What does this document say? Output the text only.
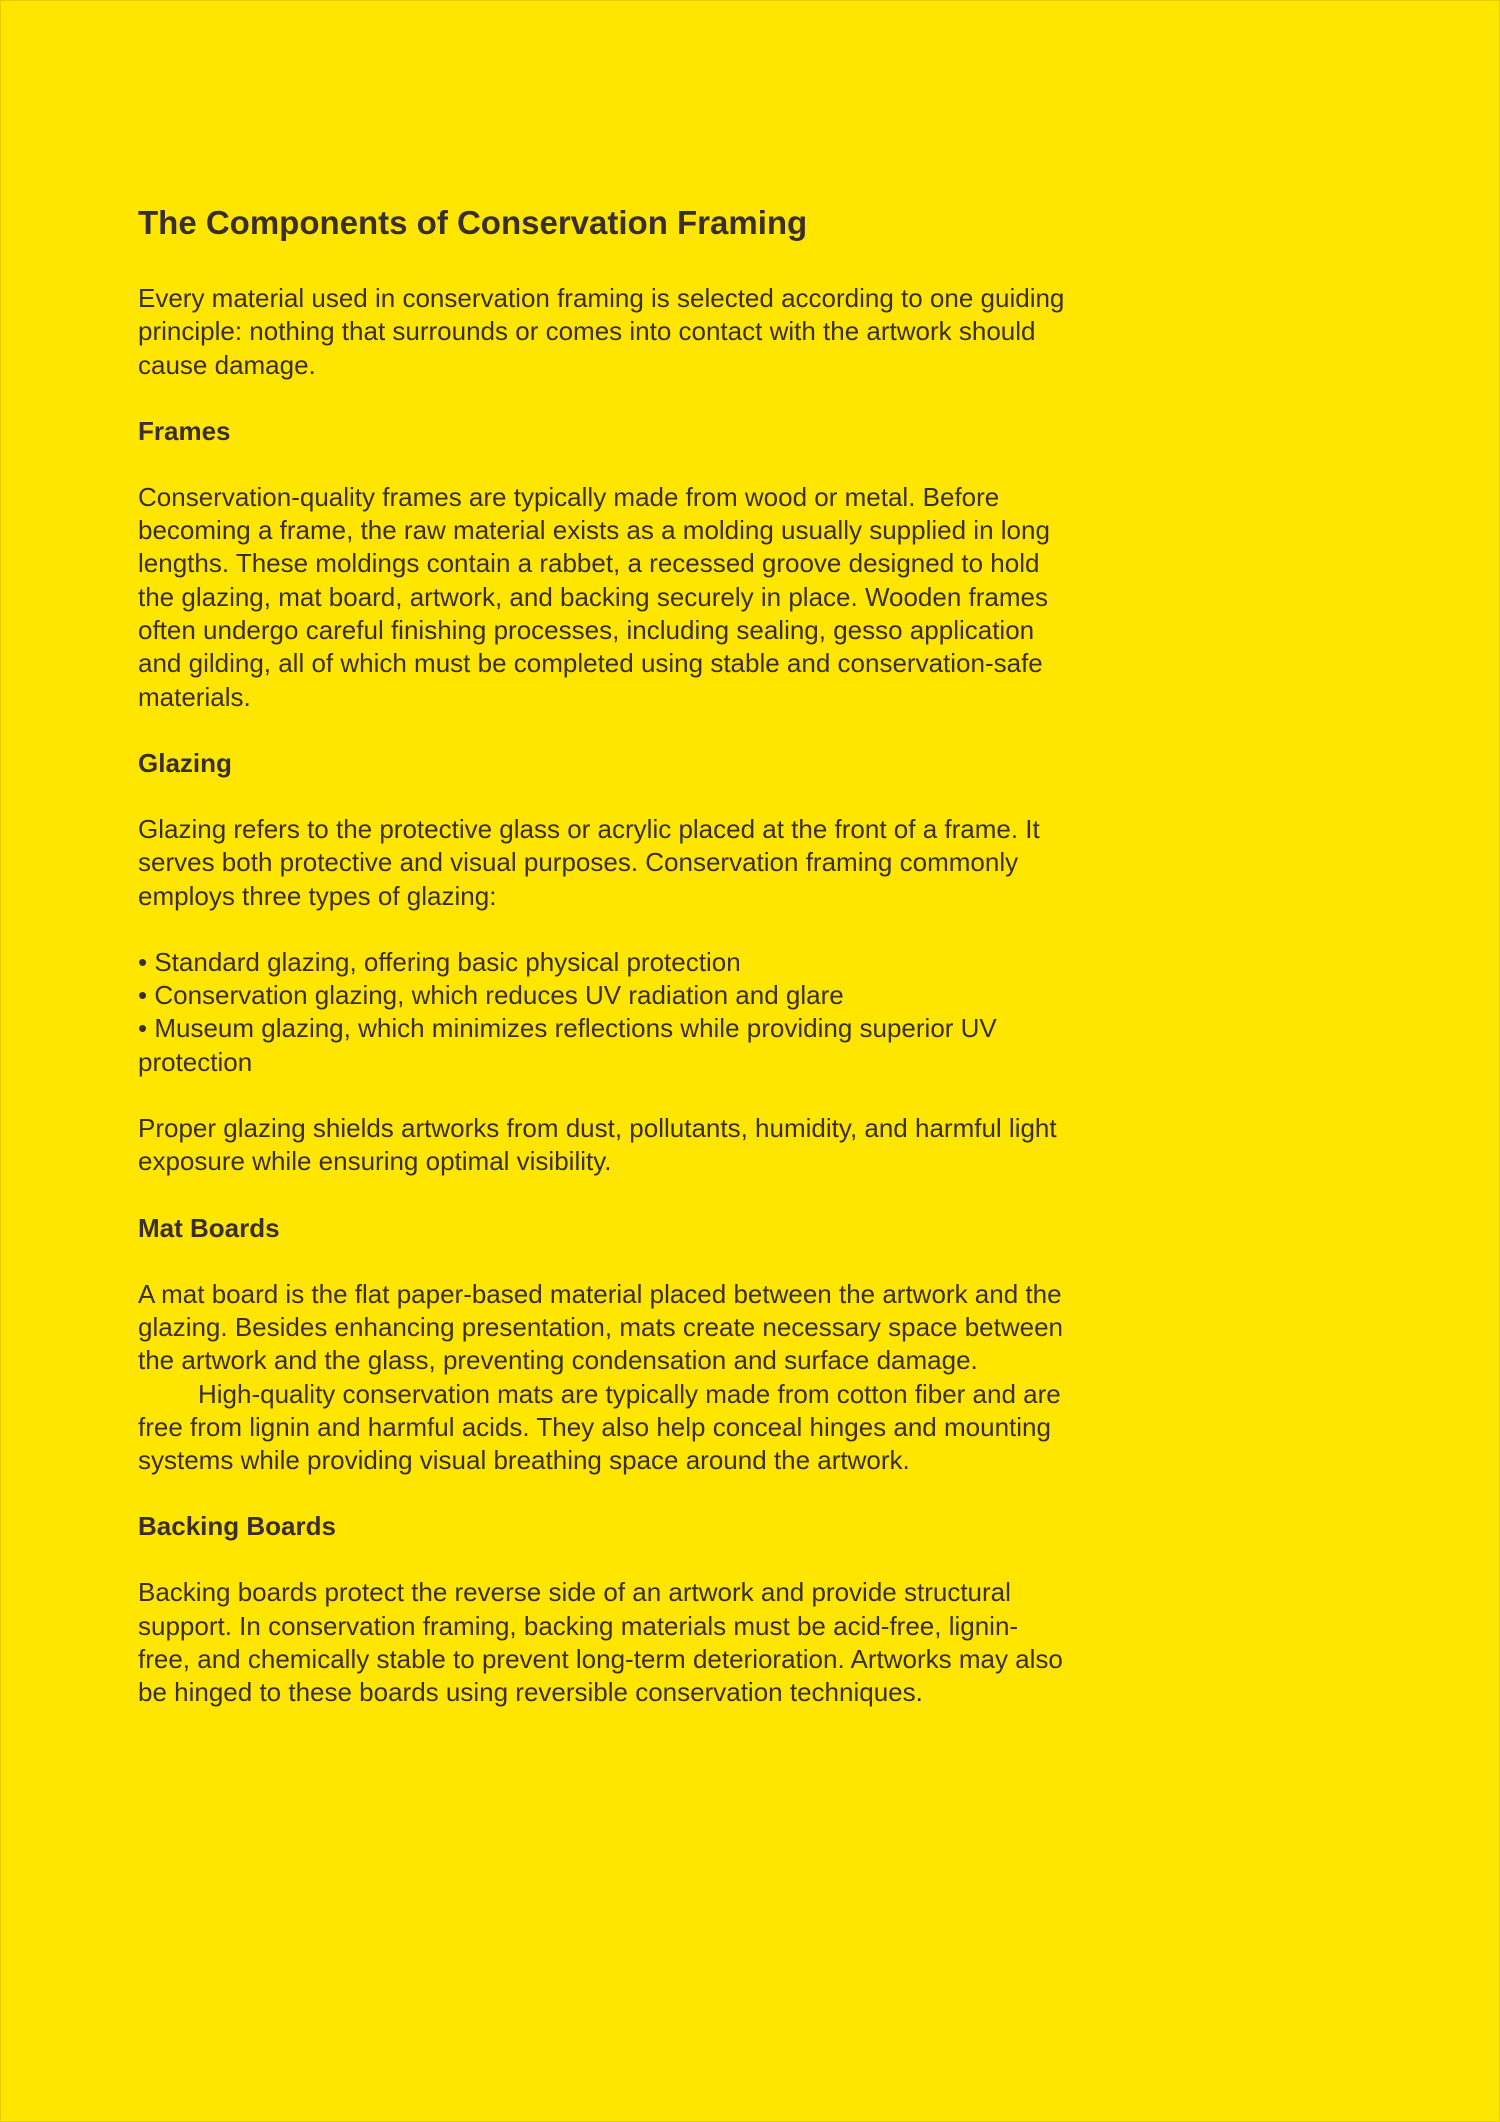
The Components of Conservation Framing

Every material used in conservation framing is selected according to one guiding principle: nothing that surrounds or comes into contact with the artwork should cause damage.

Frames

Conservation-quality frames are typically made from wood or metal. Before becoming a frame, the raw material exists as a molding usually supplied in long lengths. These moldings contain a rabbet, a recessed groove designed to hold the glazing, mat board, artwork, and backing securely in place. Wooden frames often undergo careful finishing processes, including sealing, gesso application and gilding, all of which must be completed using stable and conservation-safe materials.

Glazing

Glazing refers to the protective glass or acrylic placed at the front of a frame. It serves both protective and visual purposes. Conservation framing commonly employs three types of glazing:

• Standard glazing, offering basic physical protection
• Conservation glazing, which reduces UV radiation and glare
• Museum glazing, which minimizes reflections while providing superior UV protection

Proper glazing shields artworks from dust, pollutants, humidity, and harmful light exposure while ensuring optimal visibility.

Mat Boards

A mat board is the flat paper-based material placed between the artwork and the glazing. Besides enhancing presentation, mats create necessary space between the artwork and the glass, preventing condensation and surface damage.

High-quality conservation mats are typically made from cotton fiber and are free from lignin and harmful acids. They also help conceal hinges and mounting systems while providing visual breathing space around the artwork.

Backing Boards

Backing boards protect the reverse side of an artwork and provide structural support. In conservation framing, backing materials must be acid-free, lignin-free, and chemically stable to prevent long-term deterioration. Artworks may also be hinged to these boards using reversible conservation techniques.
